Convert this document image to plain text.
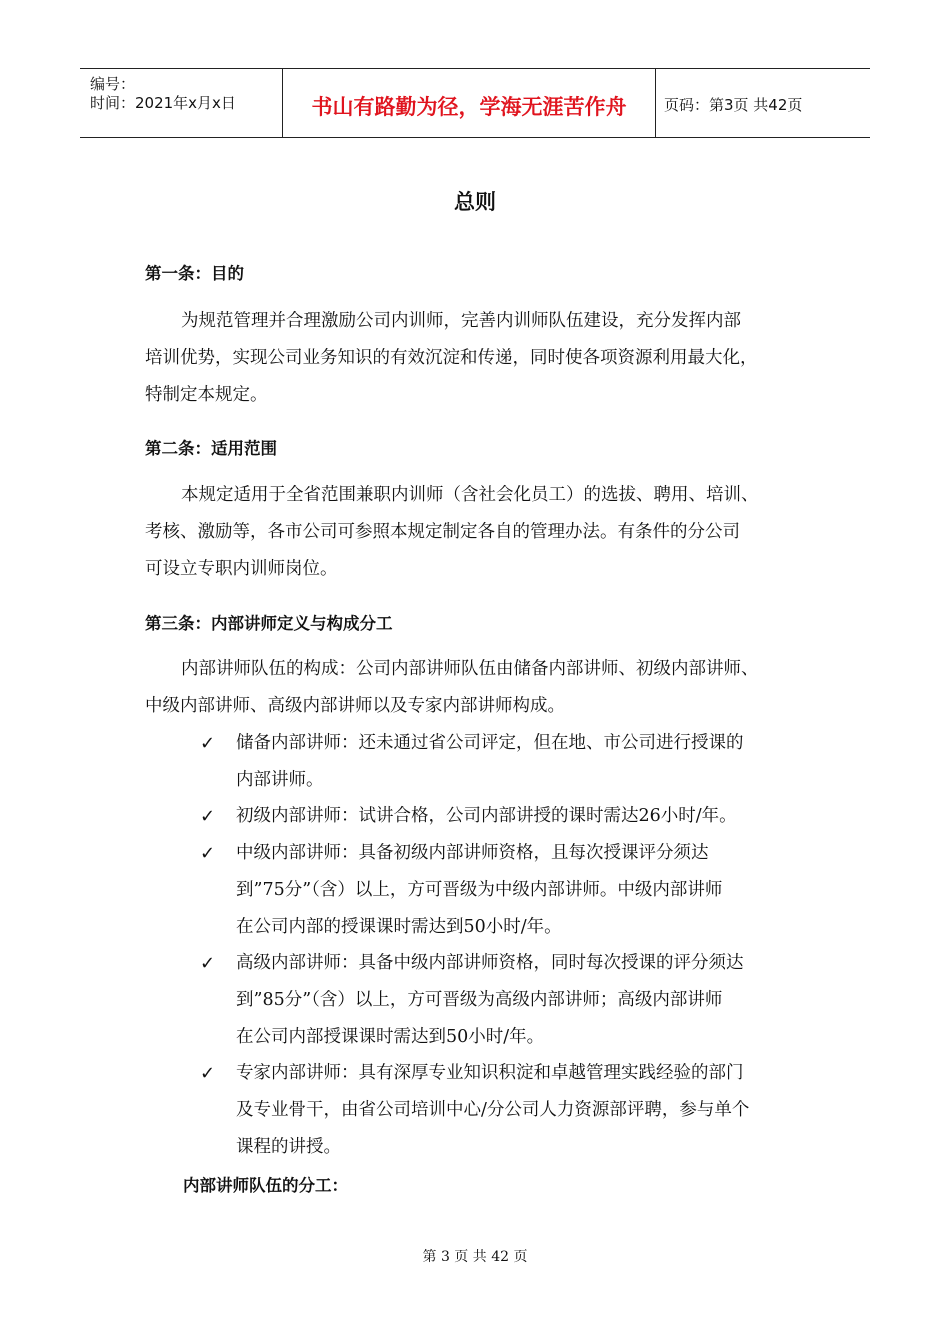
编号：
时间：2021年x月x日	书山有路勤为径，学海无涯苦作舟	页码：第3页 共42页
总则
第一条：目的
为规范管理并合理激励公司内训师，完善内训师队伍建设，充分发挥内部
培训优势，实现公司业务知识的有效沉淀和传递，同时使各项资源利用最大化，
特制定本规定。
第二条：适用范围
本规定适用于全省范围兼职内训师（含社会化员工）的选拔、聘用、培训、
考核、激励等，各市公司可参照本规定制定各自的管理办法。有条件的分公司
可设立专职内训师岗位。
第三条：内部讲师定义与构成分工
内部讲师队伍的构成：公司内部讲师队伍由储备内部讲师、初级内部讲师、
中级内部讲师、高级内部讲师以及专家内部讲师构成。
✓ 储备内部讲师：还未通过省公司评定，但在地、市公司进行授课的
内部讲师。
✓ 初级内部讲师：试讲合格，公司内部讲授的课时需达26小时/年。
✓ 中级内部讲师：具备初级内部讲师资格，且每次授课评分须达
到”75分”（含）以上，方可晋级为中级内部讲师。中级内部讲师
在公司内部的授课课时需达到50小时/年。
✓ 高级内部讲师：具备中级内部讲师资格，同时每次授课的评分须达
到”85分”（含）以上，方可晋级为高级内部讲师；高级内部讲师
在公司内部授课课时需达到50小时/年。
✓ 专家内部讲师：具有深厚专业知识积淀和卓越管理实践经验的部门
及专业骨干，由省公司培训中心/分公司人力资源部评聘，参与单个
课程的讲授。
内部讲师队伍的分工：
第 3 页 共 42 页
